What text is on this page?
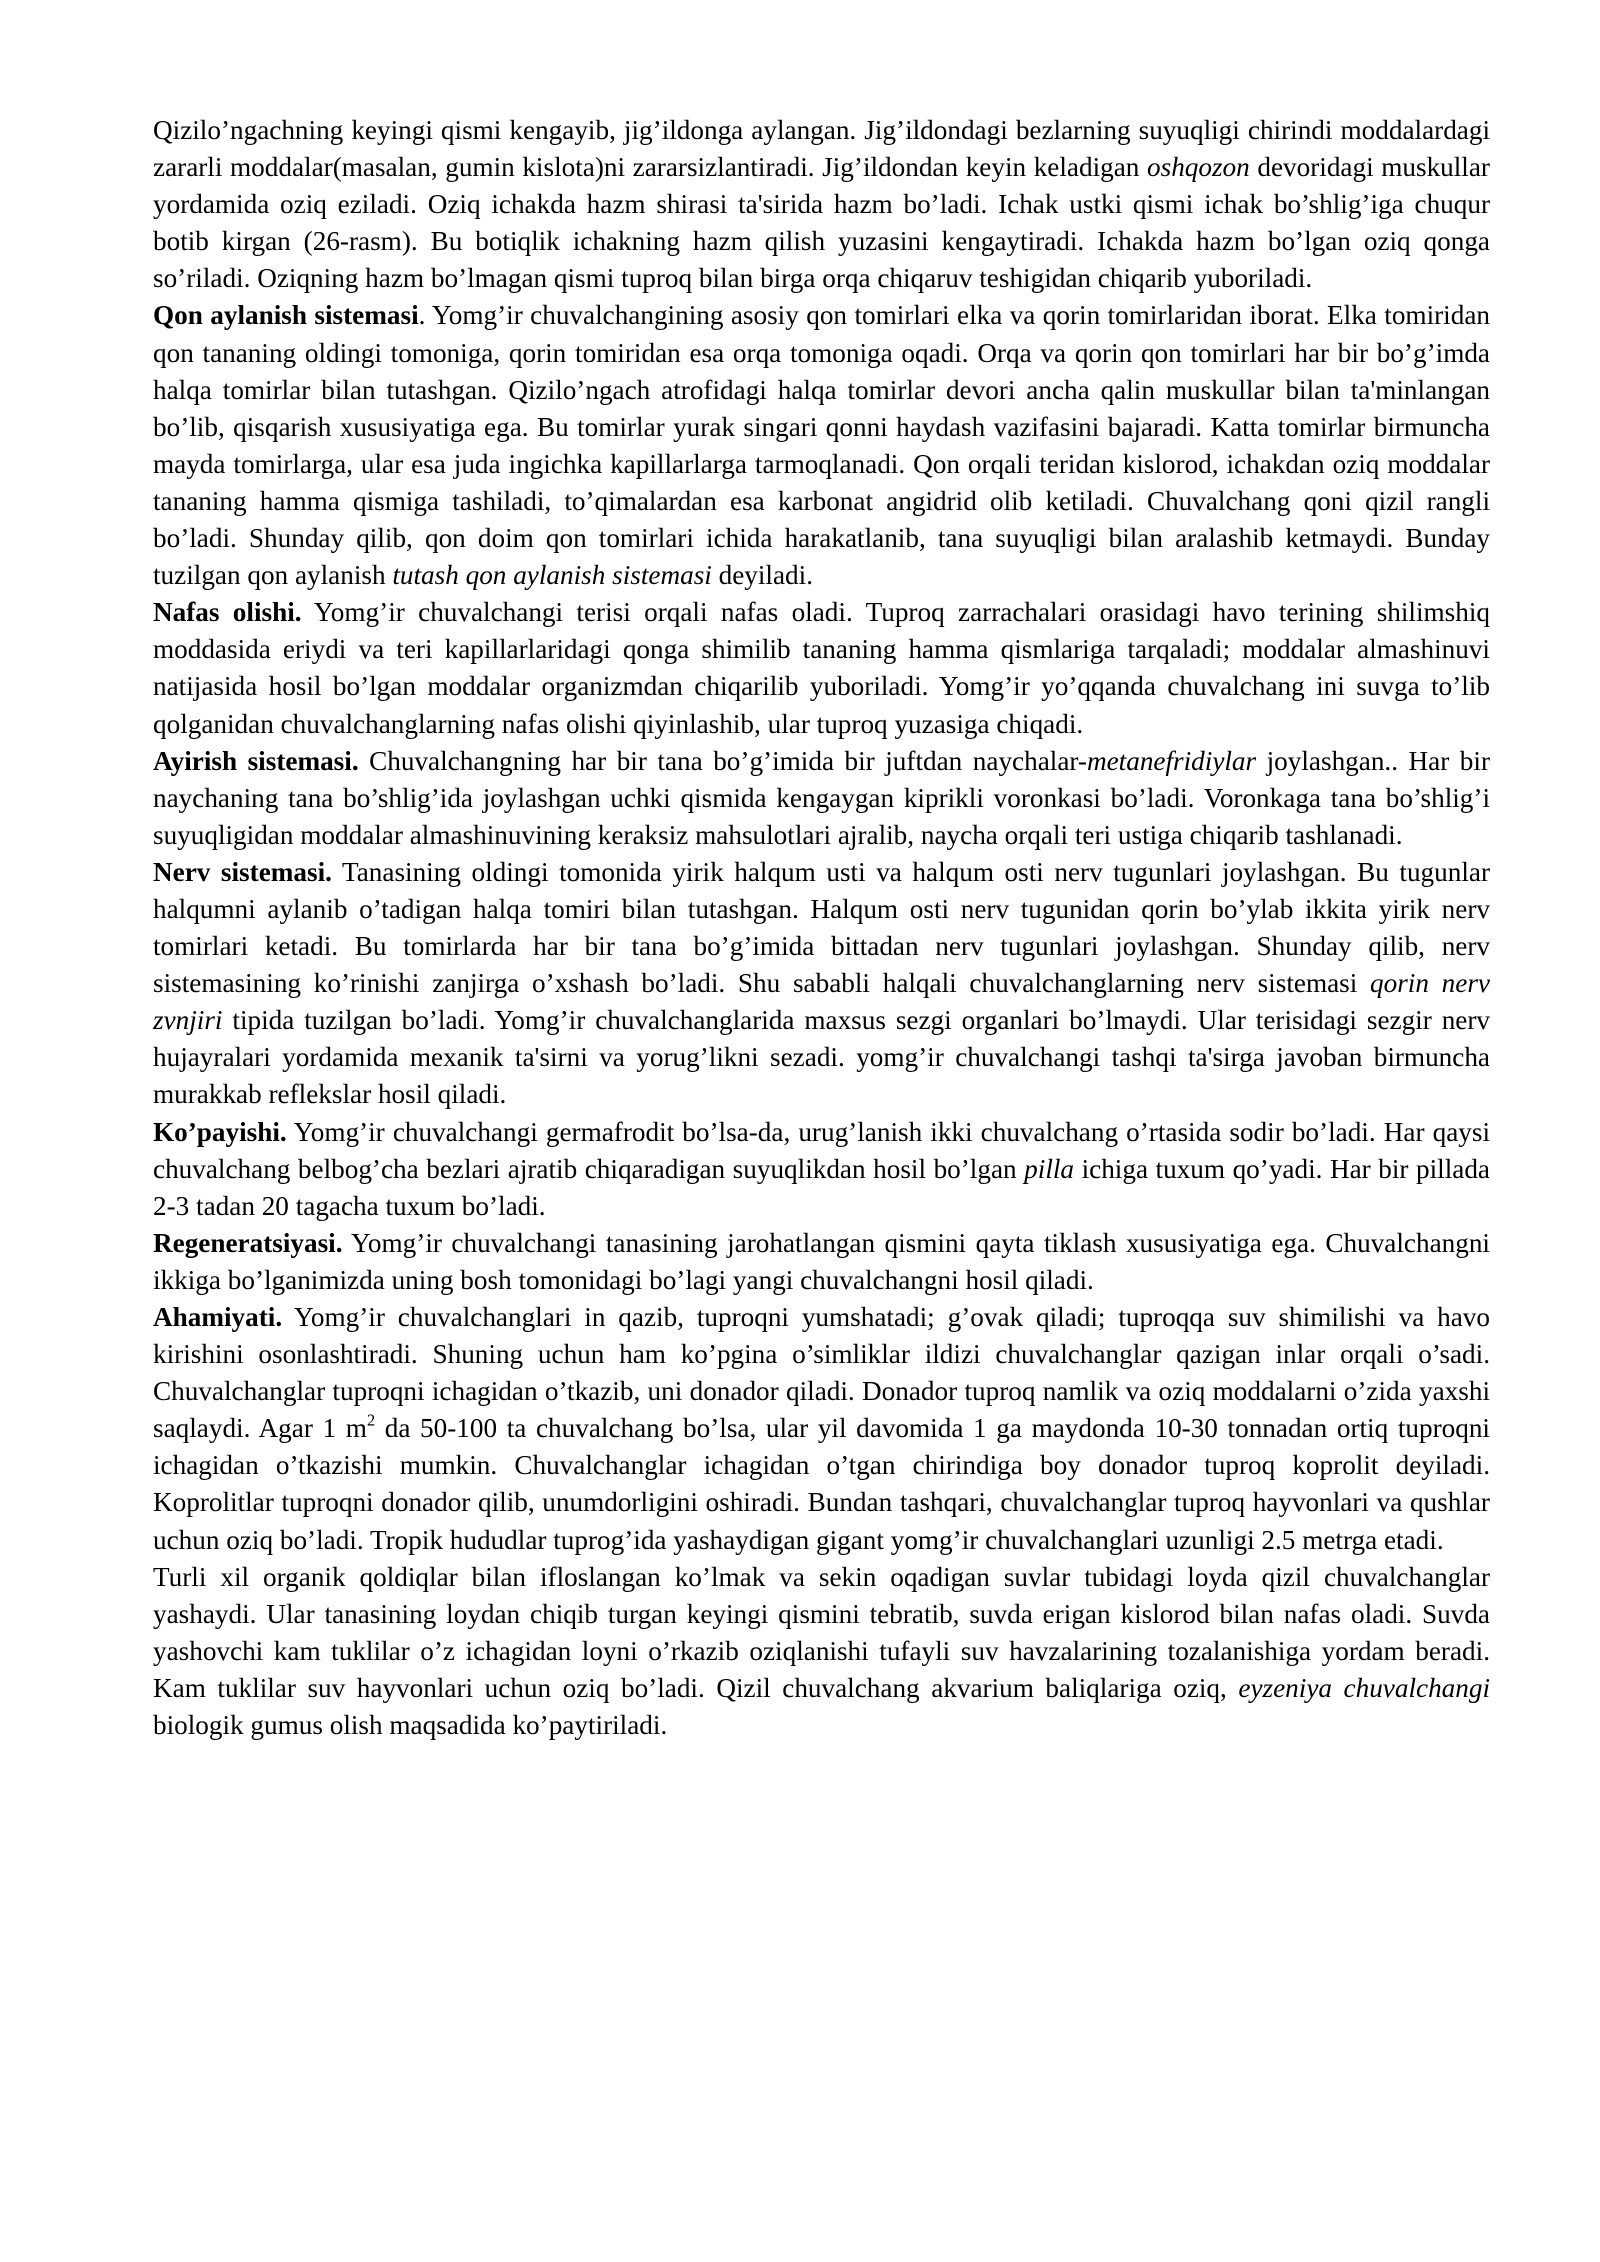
Qizilo’ngachning keyingi qismi kengayib, jig’ildonga aylangan. Jig’ildondagi bezlarning suyuqligi chirindi moddalardagi zararli moddalar(masalan, gumin kislota)ni zararsizlantiradi. Jig’ildondan keyin keladigan oshqozon devoridagi muskullar yordamida oziq eziladi. Oziq ichakda hazm shirasi ta'sirida hazm bo’ladi. Ichak ustki qismi ichak bo’shlig’iga chuqur botib kirgan (26-rasm). Bu botiqlik ichakning hazm qilish yuzasini kengaytiradi. Ichakda hazm bo’lgan oziq qonga so’riladi. Oziqning hazm bo’lmagan qismi tuproq bilan birga orqa chiqaruv teshigidan chiqarib yuboriladi.

Qon aylanish sistemasi. Yomg’ir chuvalchangining asosiy qon tomirlari elka va qorin tomirlaridan iborat. Elka tomiridan qon tananing oldingi tomoniga, qorin tomiridan esa orqa tomoniga oqadi. Orqa va qorin qon tomirlari har bir bo’g’imda halqa tomirlar bilan tutashgan. Qizilo’ngach atrofidagi halqa tomirlar devori ancha qalin muskullar bilan ta'minlangan bo’lib, qisqarish xususiyatiga ega. Bu tomirlar yurak singari qonni haydash vazifasini bajaradi. Katta tomirlar birmuncha mayda tomirlarga, ular esa juda ingichka kapillarlarga tarmoqlanadi. Qon orqali teridan kislorod, ichakdan oziq moddalar tananing hamma qismiga tashiladi, to’qimalardan esa karbonat angidrid olib ketiladi. Chuvalchang qoni qizil rangli bo’ladi. Shunday qilib, qon doim qon tomirlari ichida harakatlanib, tana suyuqligi bilan aralashib ketmaydi. Bunday tuzilgan qon aylanish tutash qon aylanish sistemasi deyiladi.

Nafas olishi. Yomg’ir chuvalchangi terisi orqali nafas oladi. Tuproq zarrachalari orasidagi havo terining shilimshiq moddasida eriydi va teri kapillarlaridagi qonga shimilib tananing hamma qismlariga tarqaladi; moddalar almashinuvi natijasida hosil bo’lgan moddalar organizmdan chiqarilib yuboriladi. Yomg’ir yo’qqanda chuvalchang ini suvga to’lib qolganidan chuvalchanglarning nafas olishi qiyinlashib, ular tuproq yuzasiga chiqadi.

Ayirish sistemasi. Chuvalchangning har bir tana bo’g’imida bir juftdan naychalar-metanefridiylar joylashgan.. Har bir naychaning tana bo’shlig’ida joylashgan uchki qismida kengaygan kiprikli voronkasi bo’ladi. Voronkaga tana bo’shlig’i suyuqligidan moddalar almashinuvining keraksiz mahsulotlari ajralib, naycha orqali teri ustiga chiqarib tashlanadi.

Nerv sistemasi. Tanasining oldingi tomonida yirik halqum usti va halqum osti nerv tugunlari joylashgan. Bu tugunlar halqumni aylanib o’tadigan halqa tomiri bilan tutashgan. Halqum osti nerv tugunidan qorin bo’ylab ikkita yirik nerv tomirlari ketadi. Bu tomirlarda har bir tana bo’g’imida bittadan nerv tugunlari joylashgan. Shunday qilib, nerv sistemasining ko’rinishi zanjirga o’xshash bo’ladi. Shu sababli halqali chuvalchanglarning nerv sistemasi qorin nerv zvnjiri tipida tuzilgan bo’ladi. Yomg’ir chuvalchanglarida maxsus sezgi organlari bo’lmaydi. Ular terisidagi sezgir nerv hujayralari yordamida mexanik ta'sirni va yorug’likni sezadi. yomg’ir chuvalchangi tashqi ta'sirga javoban birmuncha murakkab reflekslar hosil qiladi.

Ko’payishi. Yomg’ir chuvalchangi germafrodit bo’lsa-da, urug’lanish ikki chuvalchang o’rtasida sodir bo’ladi. Har qaysi chuvalchang belbog’cha bezlari ajratib chiqaradigan suyuqlikdan hosil bo’lgan pilla ichiga tuxum qo’yadi. Har bir pillada 2-3 tadan 20 tagacha tuxum bo’ladi.

Regeneratsiyasi. Yomg’ir chuvalchangi tanasining jarohatlangan qismini qayta tiklash xususiyatiga ega. Chuvalchangni ikkiga bo’lganimizda uning bosh tomonidagi bo’lagi yangi chuvalchangni hosil qiladi.

Ahamiyati. Yomg’ir chuvalchanglari in qazib, tuproqni yumshatadi; g’ovak qiladi; tuproqqa suv shimilishi va havo kirishini osonlashtiradi. Shuning uchun ham ko’pgina o’simliklar ildizi chuvalchanglar qazigan inlar orqali o’sadi. Chuvalchanglar tuproqni ichagidan o’tkazib, uni donador qiladi. Donador tuproq namlik va oziq moddalarni o’zida yaxshi saqlaydi. Agar 1 $m^2$ da 50-100 ta chuvalchang bo’lsa, ular yil davomida 1 ga maydonda 10-30 tonnadan ortiq tuproqni ichagidan o’tkazishi mumkin. Chuvalchanglar ichagidan o’tgan chirindiga boy donador tuproq koprolit deyiladi. Koprolitlar tuproqni donador qilib, unumdorligini oshiradi. Bundan tashqari, chuvalchanglar tuproq hayvonlari va qushlar uchun oziq bo’ladi. Tropik hududlar tuprog’ida yashaydigan gigant yomg’ir chuvalchanglari uzunligi 2.5 metrga etadi.

Turli xil organik qoldiqlar bilan ifloslangan ko’lmak va sekin oqadigan suvlar tubidagi loyda qizil chuvalchanglar yashaydi. Ular tanasining loydan chiqib turgan keyingi qismini tebratib, suvda erigan kislorod bilan nafas oladi. Suvda yashovchi kam tuklilar o’z ichagidan loyni o’rkazib oziqlanishi tufayli suv havzalarining tozalanishiga yordam beradi. Kam tuklilar suv hayvonlari uchun oziq bo’ladi. Qizil chuvalchang akvarium baliqlariga oziq, eyzeniya chuvalchangi biologik gumus olish maqsadida ko’paytiriladi.
